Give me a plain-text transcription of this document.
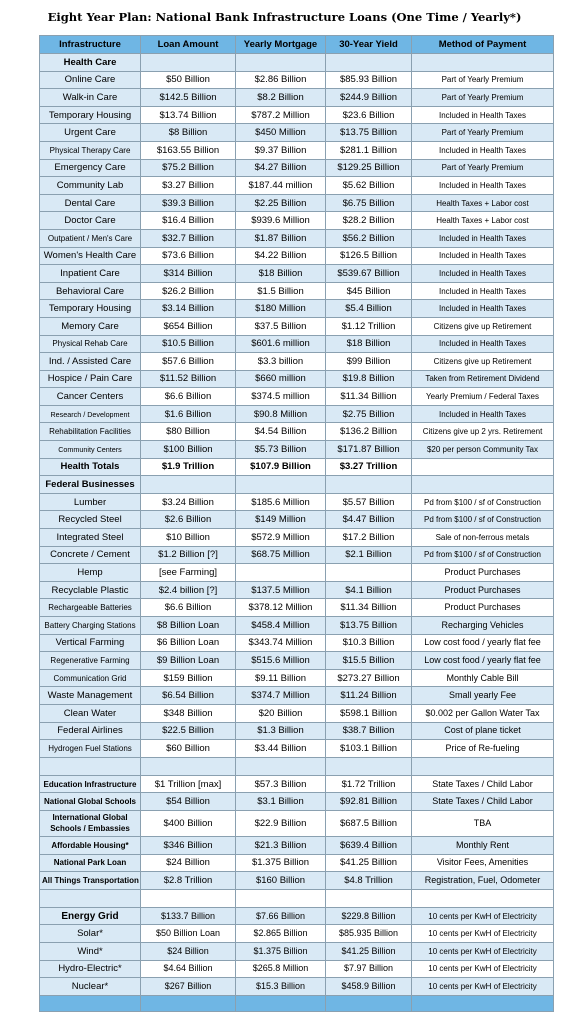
Eight Year Plan: National Bank Infrastructure Loans (One Time / Yearly*)
Infrastructure	Loan Amount	Yearly Mortgage	30-Year Yield	Method of Payment
Health Care				
Online Care	$50 Billion	$2.86 Billion	$85.93 Billion	Part of Yearly Premium
Walk-in Care	$142.5 Billion	$8.2 Billion	$244.9 Billion	Part of Yearly Premium
Temporary Housing	$13.74 Billion	$787.2 Million	$23.6 Billion	Included in Health Taxes
Urgent Care	$8 Billion	$450 Million	$13.75 Billion	Part of Yearly Premium
Physical Therapy Care	$163.55 Billion	$9.37 Billion	$281.1 Billion	Included in Health Taxes
Emergency Care	$75.2 Billion	$4.27 Billion	$129.25 Billion	Part of Yearly Premium
Community Lab	$3.27 Billion	$187.44 million	$5.62 Billion	Included in Health Taxes
Dental Care	$39.3 Billion	$2.25 Billion	$6.75 Billion	Health Taxes + Labor cost
Doctor Care	$16.4 Billion	$939.6 Million	$28.2 Billion	Health Taxes + Labor cost
Outpatient / Men's Care	$32.7 Billion	$1.87 Billion	$56.2 Billion	Included in Health Taxes
Women's Health Care	$73.6 Billion	$4.22 Billion	$126.5 Billion	Included in Health Taxes
Inpatient Care	$314 Billion	$18 Billion	$539.67 Billion	Included in Health Taxes
Behavioral Care	$26.2 Billion	$1.5 Billion	$45 Billion	Included in Health Taxes
Temporary Housing	$3.14 Billion	$180 Million	$5.4 Billion	Included in Health Taxes
Memory Care	$654 Billion	$37.5 Billion	$1.12 Trillion	Citizens give up Retirement
Physical Rehab Care	$10.5 Billion	$601.6 million	$18 Billion	Included in Health Taxes
Ind. / Assisted Care	$57.6 Billion	$3.3 billion	$99 Billion	Citizens give up Retirement
Hospice / Pain Care	$11.52 Billion	$660 million	$19.8 Billion	Taken from Retirement Dividend
Cancer Centers	$6.6 Billion	$374.5 million	$11.34 Billion	Yearly Premium / Federal Taxes
Research / Development	$1.6 Billion	$90.8 Million	$2.75 Billion	Included in Health Taxes
Rehabilitation Facilities	$80 Billion	$4.54 Billion	$136.2 Billion	Citizens give up 2 yrs. Retirement
Community Centers	$100 Billion	$5.73 Billion	$171.87 Billion	$20 per person Community Tax
Health Totals	$1.9 Trillion	$107.9 Billion	$3.27 Trillion	
Federal Businesses				
Lumber	$3.24 Billion	$185.6 Million	$5.57 Billion	Pd from $100 / sf of Construction
Recycled Steel	$2.6 Billion	$149 Million	$4.47 Billion	Pd from $100 / sf of Construction
Integrated Steel	$10 Billion	$572.9 Million	$17.2 Billion	Sale of non-ferrous metals
Concrete / Cement	$1.2 Billion [?]	$68.75 Million	$2.1 Billion	Pd from $100 / sf of Construction
Hemp	[see Farming]			Product Purchases
Recyclable Plastic	$2.4 billion [?]	$137.5 Million	$4.1 Billion	Product Purchases
Rechargeable Batteries	$6.6 Billion	$378.12 Million	$11.34 Billion	Product Purchases
Battery Charging Stations	$8 Billion Loan	$458.4 Million	$13.75 Billion	Recharging Vehicles
Vertical Farming	$6 Billion Loan	$343.74 Million	$10.3 Billion	Low cost food / yearly flat fee
Regenerative Farming	$9 Billion Loan	$515.6 Million	$15.5 Billion	Low cost food / yearly flat fee
Communication Grid	$159 Billion	$9.11 Billion	$273.27 Billion	Monthly Cable Bill
Waste Management	$6.54 Billion	$374.7 Million	$11.24 Billion	Small yearly Fee
Clean Water	$348 Billion	$20 Billion	$598.1 Billion	$0.002 per Gallon Water Tax
Federal Airlines	$22.5 Billion	$1.3 Billion	$38.7 Billion	Cost of plane ticket
Hydrogen Fuel Stations	$60 Billion	$3.44 Billion	$103.1 Billion	Price of Re-fueling

Education Infrastructure	$1 Trillion [max]	$57.3 Billion	$1.72 Trillion	State Taxes / Child Labor
National Global Schools	$54 Billion	$3.1 Billion	$92.81 Billion	State Taxes / Child Labor
International Global Schools / Embassies	$400 Billion	$22.9 Billion	$687.5 Billion	TBA
Affordable Housing*	$346 Billion	$21.3 Billion	$639.4 Billion	Monthly Rent
National Park Loan	$24 Billion	$1.375 Billion	$41.25 Billion	Visitor Fees, Amenities
All Things Transportation	$2.8 Trillion	$160 Billion	$4.8 Trillion	Registration, Fuel, Odometer

Energy Grid	$133.7 Billion	$7.66 Billion	$229.8 Billion	10 cents per KwH of Electricity
Solar*	$50 Billion Loan	$2.865 Billion	$85.935 Billion	10 cents per KwH of Electricity
Wind*	$24 Billion	$1.375 Billion	$41.25 Billion	10 cents per KwH of Electricity
Hydro-Electric*	$4.64 Billion	$265.8 Million	$7.97 Billion	10 cents per KwH of Electricity
Nuclear*	$267 Billion	$15.3 Billion	$458.9 Billion	10 cents per KwH of Electricity
